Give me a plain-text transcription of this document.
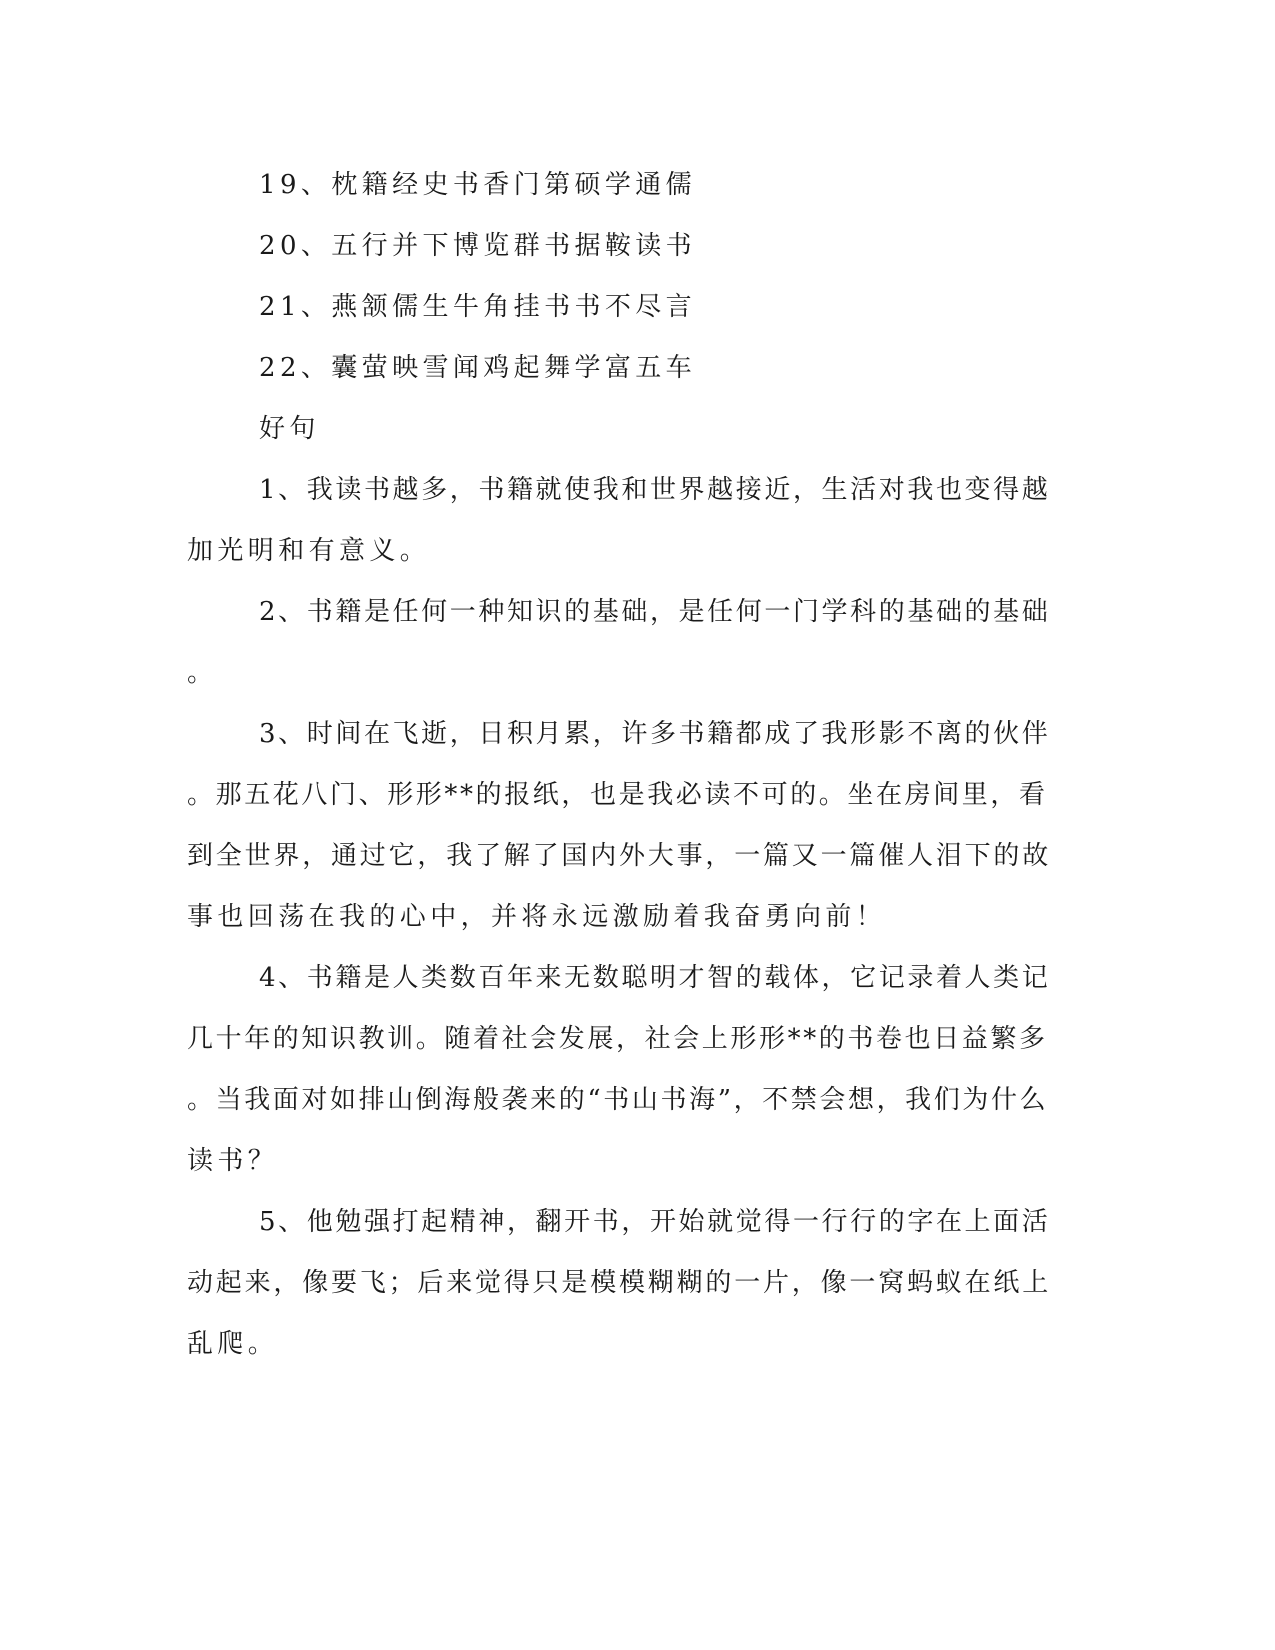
19、枕籍经史书香门第硕学通儒
20、五行并下博览群书据鞍读书
21、燕颔儒生牛角挂书书不尽言
22、囊萤映雪闻鸡起舞学富五车
好句
1、我读书越多，书籍就使我和世界越接近，生活对我也变得越
加光明和有意义。
2、书籍是任何一种知识的基础，是任何一门学科的基础的基础
。
3、时间在飞逝，日积月累，许多书籍都成了我形影不离的伙伴
。那五花八门、形形**的报纸，也是我必读不可的。坐在房间里，看
到全世界，通过它，我了解了国内外大事，一篇又一篇催人泪下的故
事也回荡在我的心中，并将永远激励着我奋勇向前！
4、书籍是人类数百年来无数聪明才智的载体，它记录着人类记
几十年的知识教训。随着社会发展，社会上形形**的书卷也日益繁多
。当我面对如排山倒海般袭来的“书山书海”，不禁会想，我们为什么
读书？
5、他勉强打起精神，翻开书，开始就觉得一行行的字在上面活
动起来，像要飞；后来觉得只是模模糊糊的一片，像一窝蚂蚁在纸上
乱爬。
